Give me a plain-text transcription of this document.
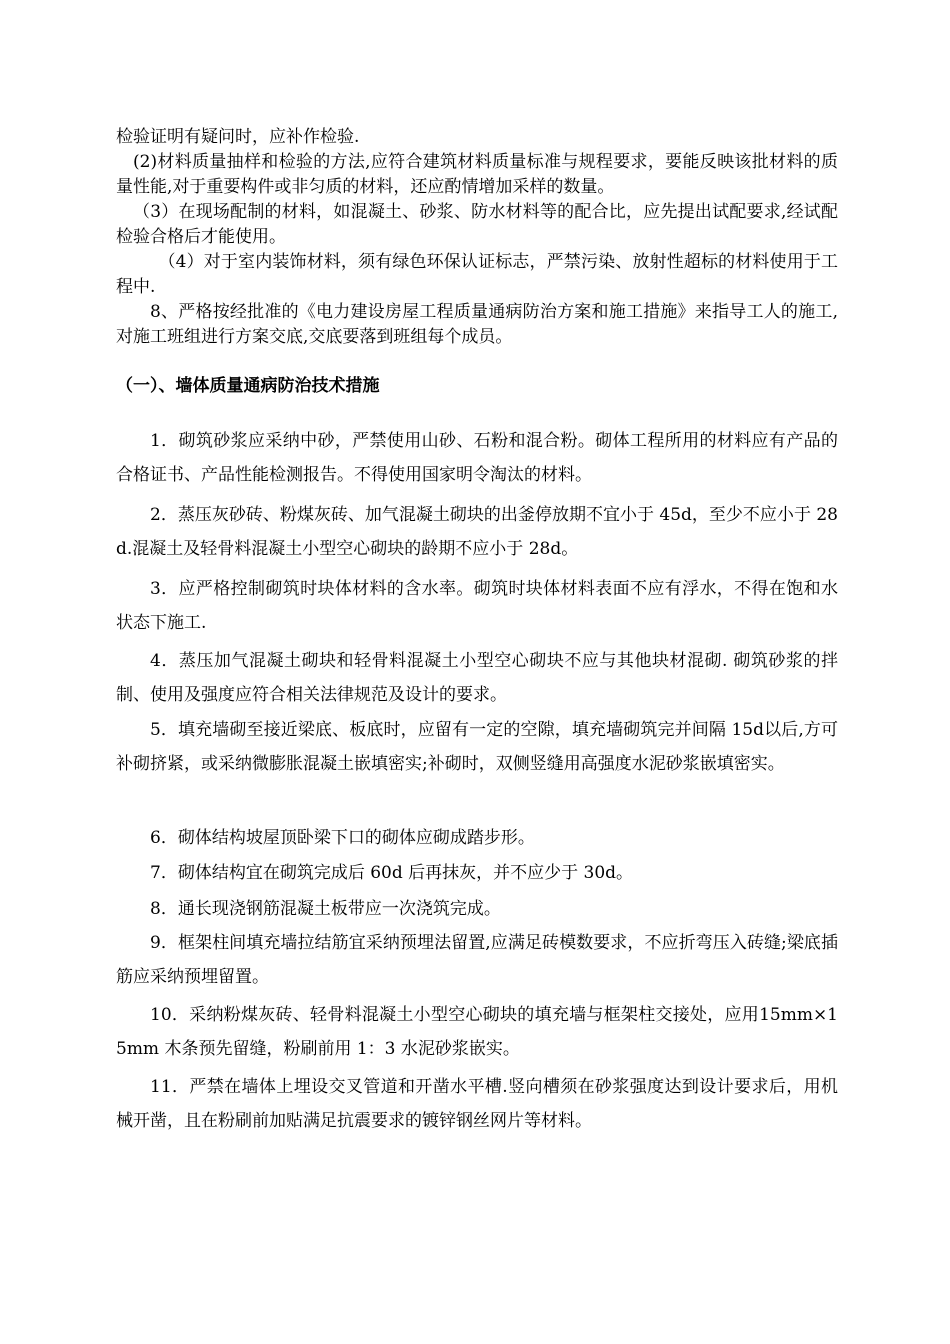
检验证明有疑问时，应补作检验.

(2)材料质量抽样和检验的方法,应符合建筑材料质量标准与规程要求，要能反映该批材料的质量性能,对于重要构件或非匀质的材料，还应酌情增加采样的数量。

（3）在现场配制的材料，如混凝土、砂浆、防水材料等的配合比，应先提出试配要求,经试配检验合格后才能使用。

（4）对于室内装饰材料，须有绿色环保认证标志，严禁污染、放射性超标的材料使用于工程中.

8、严格按经批准的《电力建设房屋工程质量通病防治方案和施工措施》来指导工人的施工,对施工班组进行方案交底,交底要落到班组每个成员。

（一）、墙体质量通病防治技术措施

1．砌筑砂浆应采纳中砂，严禁使用山砂、石粉和混合粉。砌体工程所用的材料应有产品的合格证书、产品性能检测报告。不得使用国家明令淘汰的材料。

2．蒸压灰砂砖、粉煤灰砖、加气混凝土砌块的出釜停放期不宜小于 45d，至少不应小于 28d.混凝土及轻骨料混凝土小型空心砌块的龄期不应小于 28d。

3．应严格控制砌筑时块体材料的含水率。砌筑时块体材料表面不应有浮水，不得在饱和水状态下施工.

4．蒸压加气混凝土砌块和轻骨料混凝土小型空心砌块不应与其他块材混砌. 砌筑砂浆的拌制、使用及强度应符合相关法律规范及设计的要求。

5．填充墙砌至接近梁底、板底时，应留有一定的空隙，填充墙砌筑完并间隔 15d以后,方可补砌挤紧，或采纳微膨胀混凝土嵌填密实;补砌时，双侧竖缝用高强度水泥砂浆嵌填密实。

6．砌体结构坡屋顶卧梁下口的砌体应砌成踏步形。

7．砌体结构宜在砌筑完成后 60d 后再抹灰，并不应少于 30d。

8．通长现浇钢筋混凝土板带应一次浇筑完成。

9．框架柱间填充墙拉结筋宜采纳预埋法留置,应满足砖模数要求，不应折弯压入砖缝;梁底插筋应采纳预埋留置。

10．采纳粉煤灰砖、轻骨料混凝土小型空心砌块的填充墙与框架柱交接处，应用15mm×15mm 木条预先留缝，粉刷前用 1：3 水泥砂浆嵌实。

11．严禁在墙体上埋设交叉管道和开凿水平槽.竖向槽须在砂浆强度达到设计要求后，用机械开凿，且在粉刷前加贴满足抗震要求的镀锌钢丝网片等材料。
